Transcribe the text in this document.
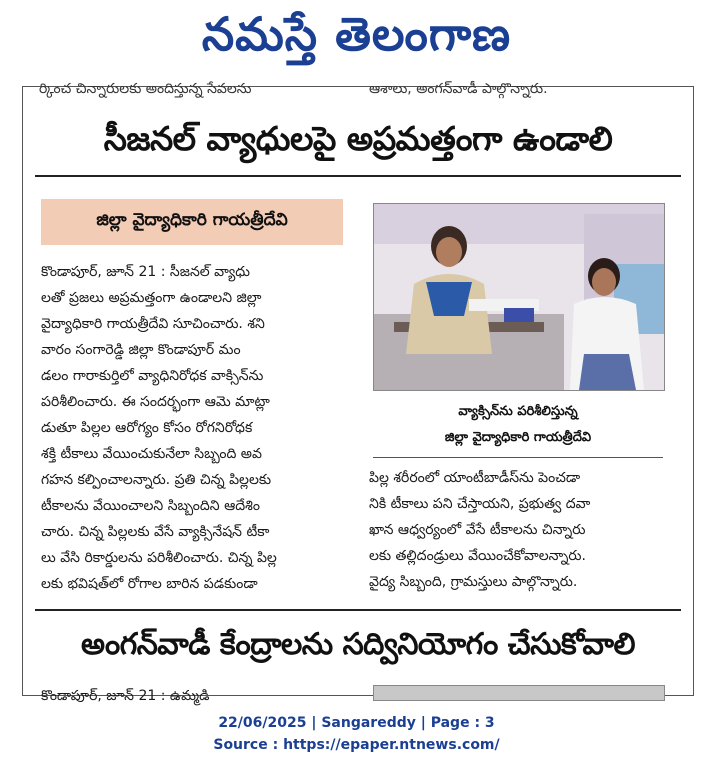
నమస్తే తెలంగాణ
ర్కించ చిన్నారులకు అందిస్తున్న సేవలను	ఆశాలు, అంగన్‌వాడీ పాల్గొన్నారు.
సీజనల్ వ్యాధులపై అప్రమత్తంగా ఉండాలి
జిల్లా వైద్యాధికారి గాయత్రీదేవి
కొండాపూర్, జూన్ 21 : సీజనల్ వ్యాధు
లతో ప్రజలు అప్రమత్తంగా ఉండాలని జిల్లా
వైద్యాధికారి గాయత్రీదేవి సూచించారు. శని
వారం సంగారెడ్డి జిల్లా కొండాపూర్ మం
డలం గారాకుర్తిలో వ్యాధినిరోధక వాక్సిన్‌ను
పరిశీలించారు. ఈ సందర్భంగా ఆమె మాట్లా
డుతూ పిల్లల ఆరోగ్యం కోసం రోగనిరోధక
శక్తి టీకాలు వేయించుకునేలా సిబ్బంది అవ
గహన కల్పించాలన్నారు. ప్రతి చిన్న పిల్లలకు
టీకాలను వేయించాలని సిబ్బందిని ఆదేశిం
చారు. చిన్న పిల్లలకు వేసే వ్యాక్సినేషన్ టీకా
లు వేసి రికార్డులను పరిశీలించారు. చిన్న పిల్ల
లకు భవిషత్‌లో రోగాల బారిన పడకుండా
వ్యాక్సిన్‌ను పరిశీలిస్తున్న
జిల్లా వైద్యాధికారి గాయత్రీదేవి
పిల్ల శరీరంలో యాంటీబాడీస్‌ను పెంచడా
నికి టీకాలు పని చేస్తాయని, ప్రభుత్వ దవా
ఖాన ఆధ్వర్యంలో వేసే టీకాలను చిన్నారు
లకు తల్లిదండ్రులు వేయించేకోవాలన్నారు.
వైద్య సిబ్బంది, గ్రామస్తులు పాల్గొన్నారు.
అంగన్‌వాడీ కేంద్రాలను సద్వినియోగం చేసుకోవాలి
కొండాపూర్, జూన్ 21 : ఉమ్మడి
22/06/2025 | Sangareddy | Page : 3
Source : https://epaper.ntnews.com/
